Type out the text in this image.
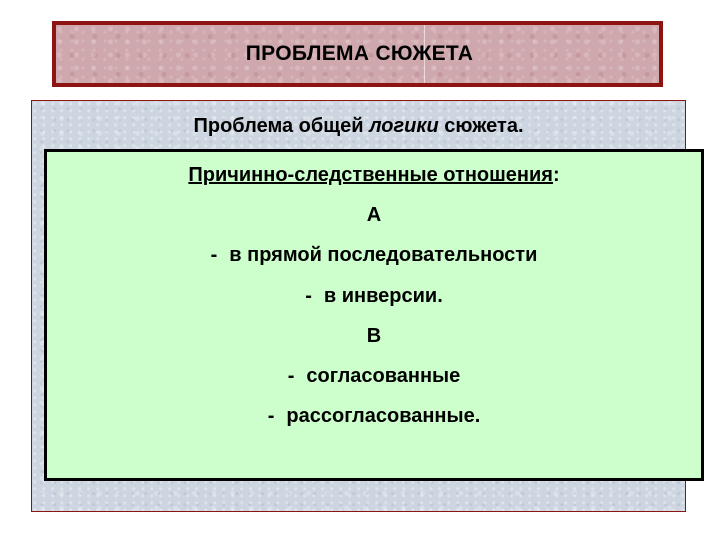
ПРОБЛЕМА СЮЖЕТА
Проблема общей логики сюжета.
Причинно-следственные отношения:
А
- в прямой последовательности
- в инверсии.
В
- согласованные
- рассогласованные.
